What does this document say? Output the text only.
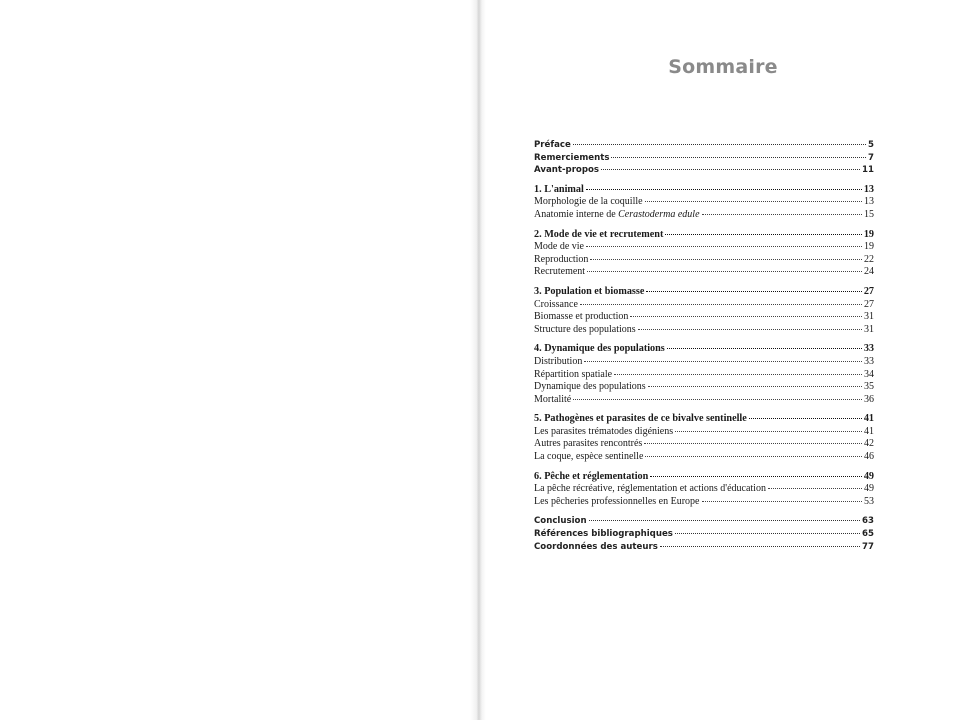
Sommaire
Préface	5
Remerciements	7
Avant-propos	11
1. L'animal	13
Morphologie de la coquille	13
Anatomie interne de Cerastoderma edule	15
2. Mode de vie et recrutement	19
Mode de vie	19
Reproduction	22
Recrutement	24
3. Population et biomasse	27
Croissance	27
Biomasse et production	31
Structure des populations	31
4. Dynamique des populations	33
Distribution	33
Répartition spatiale	34
Dynamique des populations	35
Mortalité	36
5. Pathogènes et parasites de ce bivalve sentinelle	41
Les parasites trématodes digéniens	41
Autres parasites rencontrés	42
La coque, espèce sentinelle	46
6. Pêche et réglementation	49
La pêche récréative, réglementation et actions d'éducation	49
Les pêcheries professionnelles en Europe	53
Conclusion	63
Références bibliographiques	65
Coordonnées des auteurs	77
